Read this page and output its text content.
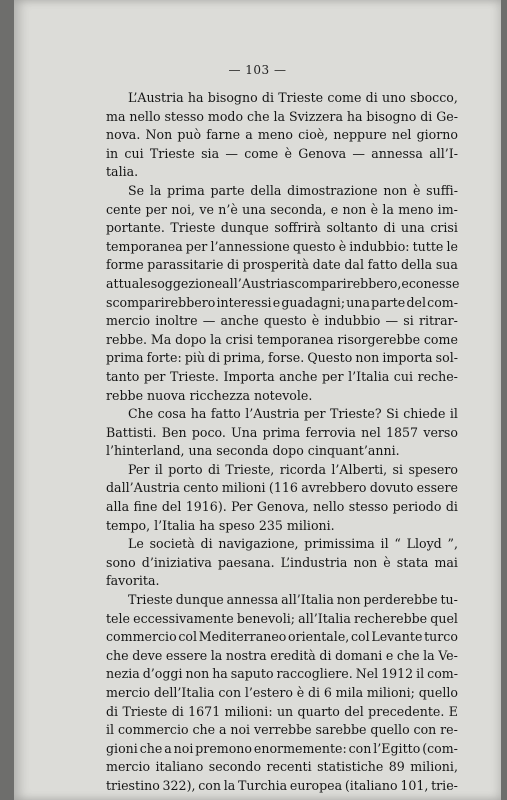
— 103 —
L’Austria ha bisogno di Trieste come di uno sbocco,
ma nello stesso modo che la Svizzera ha bisogno di Ge-
nova. Non può farne a meno cioè, neppure nel giorno
in cui Trieste sia — come è Genova — annessa all’I-
talia.
Se la prima parte della dimostrazione non è suffi-
cente per noi, ve n’è una seconda, e non è la meno im-
portante. Trieste dunque soffrirà soltanto di una crisi
temporanea per l’annessione questo è indubbio: tutte le
forme parassitarie di prosperità date dal fatto della sua
attuale soggezione all’Austria scomparirebbero, e con esse
scomparirebbero interessi e guadagni; una parte del com-
mercio inoltre — anche questo è indubbio — si ritrar-
rebbe. Ma dopo la crisi temporanea risorgerebbe come
prima forte: più di prima, forse. Questo non importa sol-
tanto per Trieste. Importa anche per l’Italia cui reche-
rebbe nuova ricchezza notevole.
Che cosa ha fatto l’Austria per Trieste? Si chiede il
Battisti. Ben poco. Una prima ferrovia nel 1857 verso
l’hinterland, una seconda dopo cinquant’anni.
Per il porto di Trieste, ricorda l’Alberti, si spesero
dall’Austria cento milioni (116 avrebbero dovuto essere
alla fine del 1916). Per Genova, nello stesso periodo di
tempo, l’Italia ha speso 235 milioni.
Le società di navigazione, primissima il “ Lloyd ”,
sono d’iniziativa paesana. L’industria non è stata mai
favorita.
Trieste dunque annessa all’Italia non perderebbe tu-
tele eccessivamente benevoli; all’Italia recherebbe quel
commercio col Mediterraneo orientale, col Levante turco
che deve essere la nostra eredità di domani e che la Ve-
nezia d’oggi non ha saputo raccogliere. Nel 1912 il com-
mercio dell’Italia con l’estero è di 6 mila milioni; quello
di Trieste di 1671 milioni: un quarto del precedente. E
il commercio che a noi verrebbe sarebbe quello con re-
gioni che a noi premono enormemente: con l’Egitto (com-
mercio italiano secondo recenti statistiche 89 milioni,
triestino 322), con la Turchia europea (italiano 101, trie-
